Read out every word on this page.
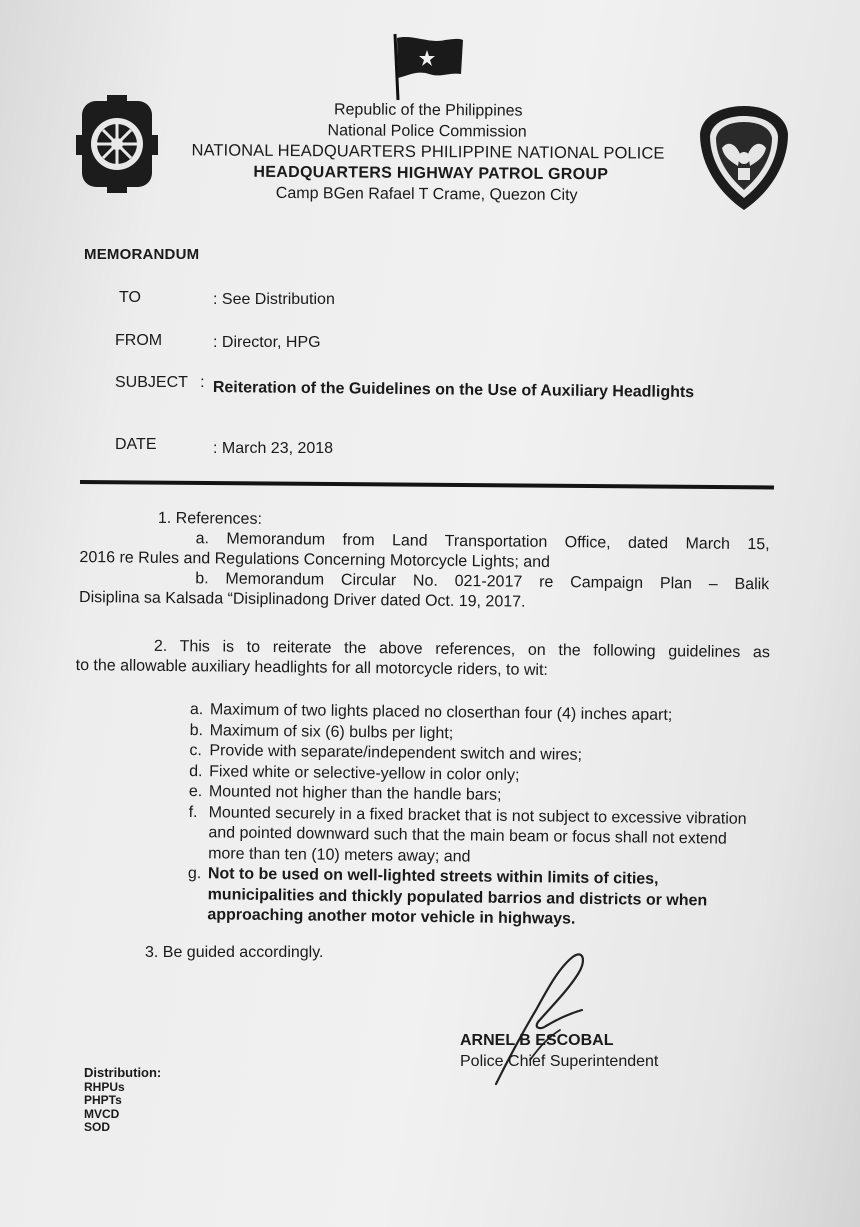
Republic of the Philippines
National Police Commission
NATIONAL HEADQUARTERS PHILIPPINE NATIONAL POLICE
HEADQUARTERS HIGHWAY PATROL GROUP
Camp BGen Rafael T Crame, Quezon City
MEMORANDUM
TO	: See Distribution
FROM	: Director, HPG
SUBJECT : Reiteration of the Guidelines on the Use of Auxiliary Headlights
DATE	: March 23, 2018
1. References:
a. Memorandum from Land Transportation Office, dated March 15,
2016 re Rules and Regulations Concerning Motorcycle Lights; and
b. Memorandum Circular No. 021-2017 re Campaign Plan – Balik
Disiplina sa Kalsada “Disiplinadong Driver dated Oct. 19, 2017.
2. This is to reiterate the above references, on the following guidelines as
to the allowable auxiliary headlights for all motorcycle riders, to wit:
a. Maximum of two lights placed no closerthan four (4) inches apart;
b. Maximum of six (6) bulbs per light;
c. Provide with separate/independent switch and wires;
d. Fixed white or selective-yellow in color only;
e. Mounted not higher than the handle bars;
f. Mounted securely in a fixed bracket that is not subject to excessive vibration and pointed downward such that the main beam or focus shall not extend more than ten (10) meters away; and
g. Not to be used on well-lighted streets within limits of cities, municipalities and thickly populated barrios and districts or when approaching another motor vehicle in highways.
3. Be guided accordingly.
ARNEL B ESCOBAL
Police Chief Superintendent
Distribution:
RHPUs
PHPTs
MVCD
SOD
